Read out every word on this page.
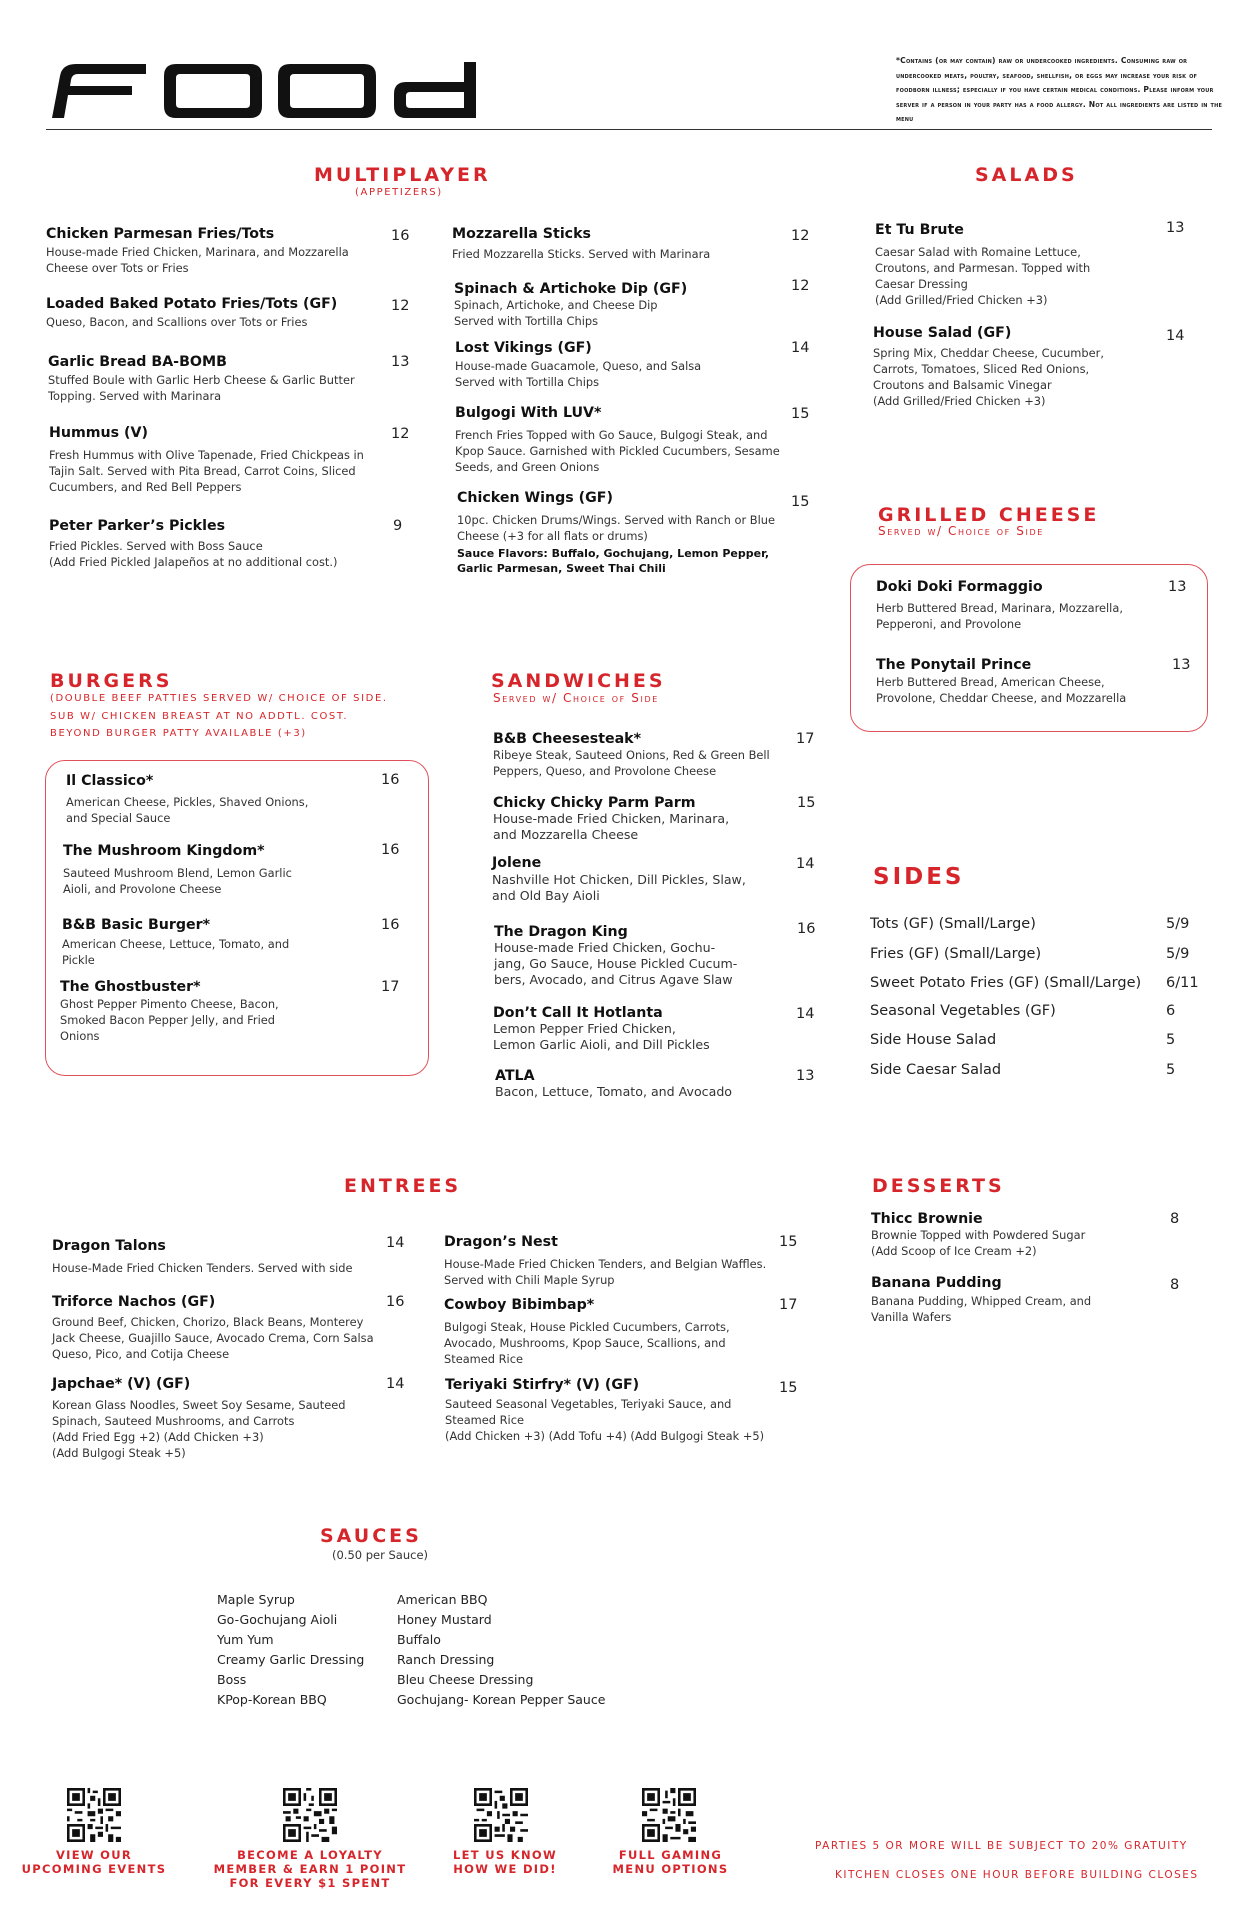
FOOd	*Contains (or may contain) raw or undercooked ingredients. Consuming raw or undercooked meats, poultry, seafood, shellfish, or eggs may increase your risk of foodborn illness; especially if you have certain medical conditions. Please inform your server if a person in your party has a food allergy. Not all ingredients are listed in the menu
MULTIPLAYER
(APPETIZERS)
Chicken Parmesan Fries/Tots
House-made Fried Chicken, Marinara, and Mozzarella
Cheese over Tots or Fries
16
Loaded Baked Potato Fries/Tots (GF)
Queso, Bacon, and Scallions over Tots or Fries
12
Garlic Bread BA-BOMB
Stuffed Boule with Garlic Herb Cheese & Garlic Butter
Topping. Served with Marinara
13
Hummus (V)
Fresh Hummus with Olive Tapenade, Fried Chickpeas in
Tajin Salt. Served with Pita Bread, Carrot Coins, Sliced
Cucumbers, and Red Bell Peppers
12
Peter Parker’s Pickles
Fried Pickles. Served with Boss Sauce
(Add Fried Pickled Jalapeños at no additional cost.)
9
Mozzarella Sticks
Fried Mozzarella Sticks. Served with Marinara
12
Spinach & Artichoke Dip (GF)
Spinach, Artichoke, and Cheese Dip
Served with Tortilla Chips
12
Lost Vikings (GF)
House-made Guacamole, Queso, and Salsa
Served with Tortilla Chips
14
Bulgogi With LUV*
French Fries Topped with Go Sauce, Bulgogi Steak, and
Kpop Sauce. Garnished with Pickled Cucumbers, Sesame
Seeds, and Green Onions
15
Chicken Wings (GF)
10pc. Chicken Drums/Wings. Served with Ranch or Blue
Cheese (+3 for all flats or drums)
Sauce Flavors: Buffalo, Gochujang, Lemon Pepper, Garlic Parmesan, Sweet Thai Chili
15
SALADS
Et Tu Brute
Caesar Salad with Romaine Lettuce,
Croutons, and Parmesan. Topped with
Caesar Dressing
(Add Grilled/Fried Chicken +3)
13
House Salad (GF)
Spring Mix, Cheddar Cheese, Cucumber,
Carrots, Tomatoes, Sliced Red Onions,
Croutons and Balsamic Vinegar
(Add Grilled/Fried Chicken +3)
14
GRILLED CHEESE
Served w/ Choice of Side
Doki Doki Formaggio
Herb Buttered Bread, Marinara, Mozzarella,
Pepperoni, and Provolone
13
The Ponytail Prince
Herb Buttered Bread, American Cheese,
Provolone, Cheddar Cheese, and Mozzarella
13
BURGERS
(DOUBLE BEEF PATTIES SERVED W/ CHOICE OF SIDE.
SUB W/ CHICKEN BREAST AT NO ADDTL. COST.
BEYOND BURGER PATTY AVAILABLE (+3)
Il Classico*
American Cheese, Pickles, Shaved Onions,
and Special Sauce
16
The Mushroom Kingdom*
Sauteed Mushroom Blend, Lemon Garlic
Aioli, and Provolone Cheese
16
B&B Basic Burger*
American Cheese, Lettuce, Tomato, and
Pickle
16
The Ghostbuster*
Ghost Pepper Pimento Cheese, Bacon,
Smoked Bacon Pepper Jelly, and Fried
Onions
17
SANDWICHES
Served w/ Choice of Side
B&B Cheesesteak*
Ribeye Steak, Sauteed Onions, Red & Green Bell
Peppers, Queso, and Provolone Cheese
17
Chicky Chicky Parm Parm
House-made Fried Chicken, Marinara,
and Mozzarella Cheese
15
Jolene
Nashville Hot Chicken, Dill Pickles, Slaw,
and Old Bay Aioli
14
The Dragon King
House-made Fried Chicken, Gochu-
jang, Go Sauce, House Pickled Cucum-
bers, Avocado, and Citrus Agave Slaw
16
Don’t Call It Hotlanta
Lemon Pepper Fried Chicken,
Lemon Garlic Aioli, and Dill Pickles
14
ATLA
Bacon, Lettuce, Tomato, and Avocado
13
SIDES
Tots (GF) (Small/Large)	5/9
Fries (GF) (Small/Large)	5/9
Sweet Potato Fries (GF) (Small/Large) 6/11
Seasonal Vegetables (GF)	6
Side House Salad	5
Side Caesar Salad	5
ENTREES
Dragon Talons
House-Made Fried Chicken Tenders. Served with side
14
Triforce Nachos (GF)
Ground Beef, Chicken, Chorizo, Black Beans, Monterey
Jack Cheese, Guajillo Sauce, Avocado Crema, Corn Salsa
Queso, Pico, and Cotija Cheese
16
Japchae* (V) (GF)
Korean Glass Noodles, Sweet Soy Sesame, Sauteed
Spinach, Sauteed Mushrooms, and Carrots
(Add Fried Egg +2) (Add Chicken +3)
(Add Bulgogi Steak +5)
14
Dragon’s Nest
House-Made Fried Chicken Tenders, and Belgian Waffles.
Served with Chili Maple Syrup
15
Cowboy Bibimbap*
Bulgogi Steak, House Pickled Cucumbers, Carrots,
Avocado, Mushrooms, Kpop Sauce, Scallions, and
Steamed Rice
17
Teriyaki Stirfry* (V) (GF)
Sauteed Seasonal Vegetables, Teriyaki Sauce, and
Steamed Rice
(Add Chicken +3) (Add Tofu +4) (Add Bulgogi Steak +5)
15
DESSERTS
Thicc Brownie
Brownie Topped with Powdered Sugar
(Add Scoop of Ice Cream +2)
8
Banana Pudding
Banana Pudding, Whipped Cream, and
Vanilla Wafers
8
SAUCES
(0.50 per Sauce)
Maple Syrup
Go-Gochujang Aioli
Yum Yum
Creamy Garlic Dressing
Boss
KPop-Korean BBQ
American BBQ
Honey Mustard
Buffalo
Ranch Dressing
Bleu Cheese Dressing
Gochujang- Korean Pepper Sauce
VIEW OUR
UPCOMING EVENTS
BECOME A LOYALTY
MEMBER & EARN 1 POINT
FOR EVERY $1 SPENT
LET US KNOW
HOW WE DID!
FULL GAMING
MENU OPTIONS
PARTIES 5 OR MORE WILL BE SUBJECT TO 20% GRATUITY
KITCHEN CLOSES ONE HOUR BEFORE BUILDING CLOSES
